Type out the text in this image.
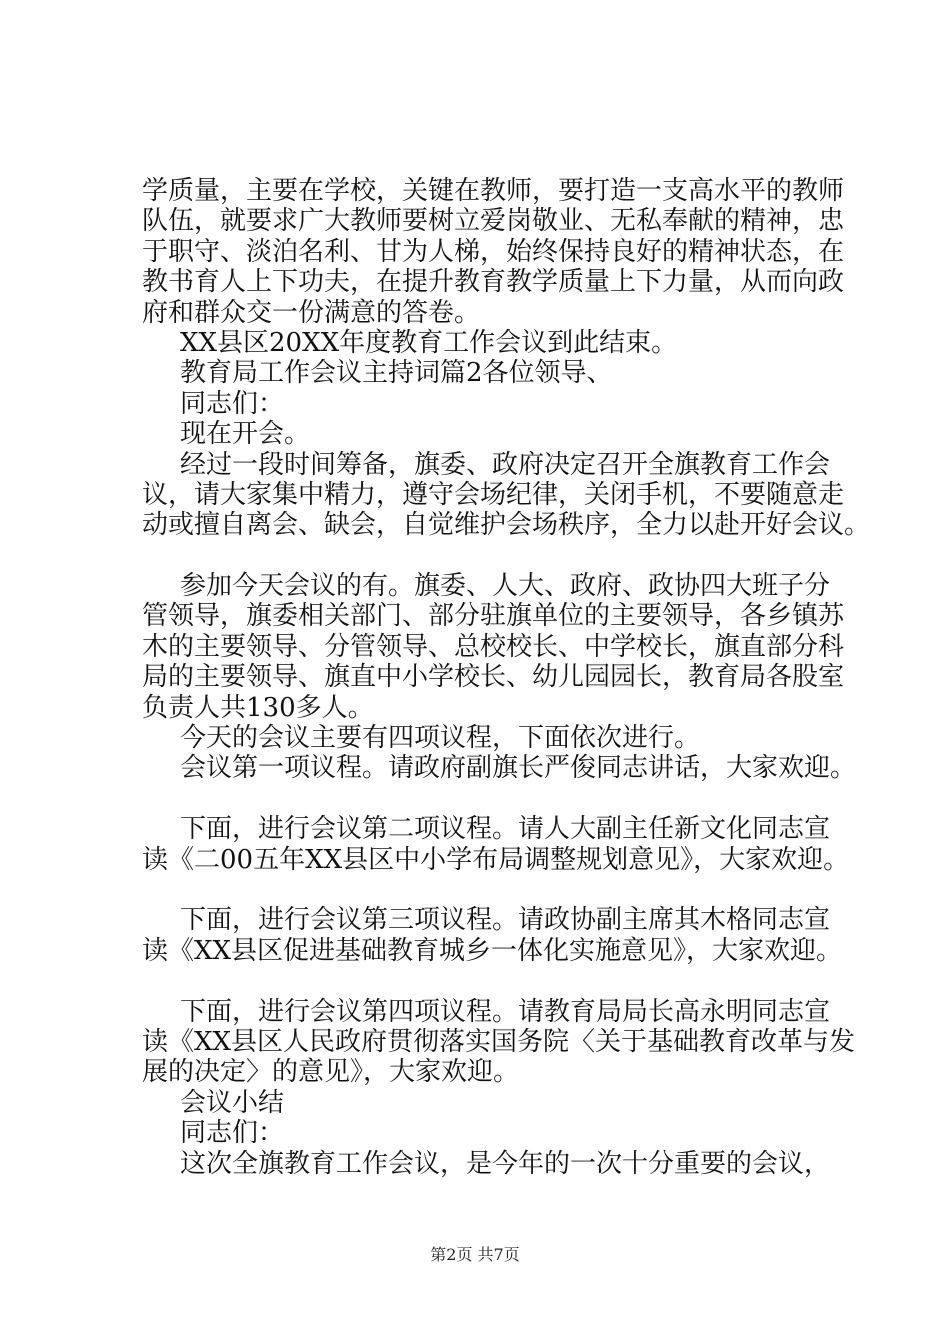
学质量，主要在学校，关键在教师，要打造一支高水平的教师
队伍，就要求广大教师要树立爱岗敬业、无私奉献的精神，忠
于职守、淡泊名利、甘为人梯，始终保持良好的精神状态，在
教书育人上下功夫，在提升教育教学质量上下力量，从而向政
府和群众交一份满意的答卷。
XX县区20XX年度教育工作会议到此结束。
教育局工作会议主持词篇2各位领导、
同志们：
现在开会。
经过一段时间筹备，旗委、政府决定召开全旗教育工作会
议，请大家集中精力，遵守会场纪律，关闭手机，不要随意走
动或擅自离会、缺会，自觉维护会场秩序，全力以赴开好会议。
参加今天会议的有。旗委、人大、政府、政协四大班子分
管领导，旗委相关部门、部分驻旗单位的主要领导，各乡镇苏
木的主要领导、分管领导、总校校长、中学校长，旗直部分科
局的主要领导、旗直中小学校长、幼儿园园长，教育局各股室
负责人共130多人。
今天的会议主要有四项议程，下面依次进行。
会议第一项议程。请政府副旗长严俊同志讲话，大家欢迎。
下面，进行会议第二项议程。请人大副主任新文化同志宣
读《二00五年XX县区中小学布局调整规划意见》，大家欢迎。
下面，进行会议第三项议程。请政协副主席其木格同志宣
读《XX县区促进基础教育城乡一体化实施意见》，大家欢迎。
下面，进行会议第四项议程。请教育局局长高永明同志宣
读《XX县区人民政府贯彻落实国务院〈关于基础教育改革与发
展的决定〉的意见》，大家欢迎。
会议小结
同志们：
这次全旗教育工作会议，是今年的一次十分重要的会议，
第2页 共7页
